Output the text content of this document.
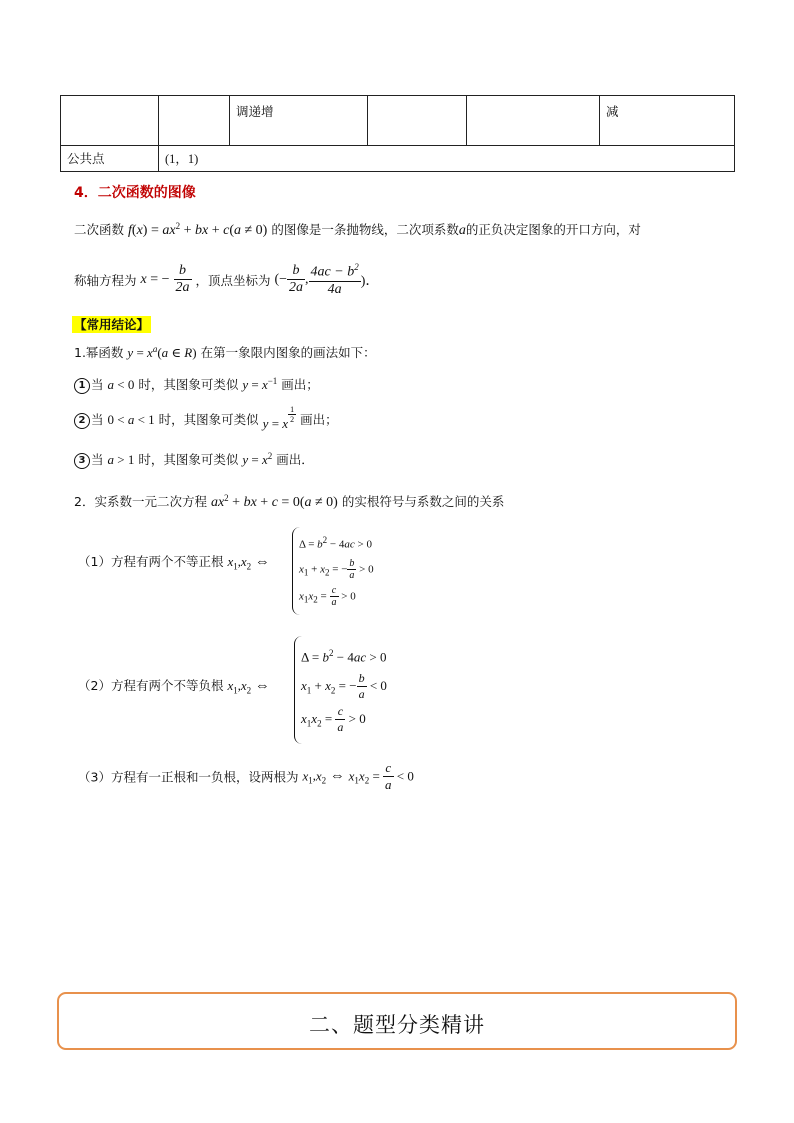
		调递增			减
公共点	(1，1)				
4．二次函数的图像
二次函数 $f(x) = ax^2$ + bx + c(a ≠ 0) 的图像是一条抛物线，二次项系数a的正负决定图象的开口方向，对
称轴方程为 x = − $\frac{b}{2a}$ ，顶点坐标为 (− $\frac{b}{2a}$ , $\frac{4ac - b^2}{4a}$ )．
【常用结论】
1.幂函数 $y = x^a(a$ ∈ R) 在第一象限内图象的画法如下：
1 当 a < 0 时，其图象可类似 $y = x^{-1}$ 画出；
2 当 0 < a < 1 时，其图象可类似 y = x $\frac{1}{2}$ 画出；
3 当 a > 1 时，其图象可类似 $y = x^2$ 画出．
2．实系数一元二次方程 $ax^2$ + bx + c = 0(a ≠ 0) 的实根符号与系数之间的关系
（1）方程有两个不等正根 $x_1,x_2$ ⇔
$\Delta = b^2 - 4ac > 0$
$x_1 + x_2$ = − $\frac{b}{a} > 0$
$x_1x_2 = \frac{c}{a} > 0$
（2）方程有两个不等负根 $x_1,x_2$ ⇔
$\Delta = b^2 - 4ac > 0$
$x_1 + x_2$ = − $\frac{b}{a} < 0$
$x_1x_2 = \frac{c}{a} > 0$
（3）方程有一正根和一负根，设两根为 $x_1,x_2$ ⇔ $x_1x_2 = \frac{c}{a} < 0$
二、题型分类精讲
